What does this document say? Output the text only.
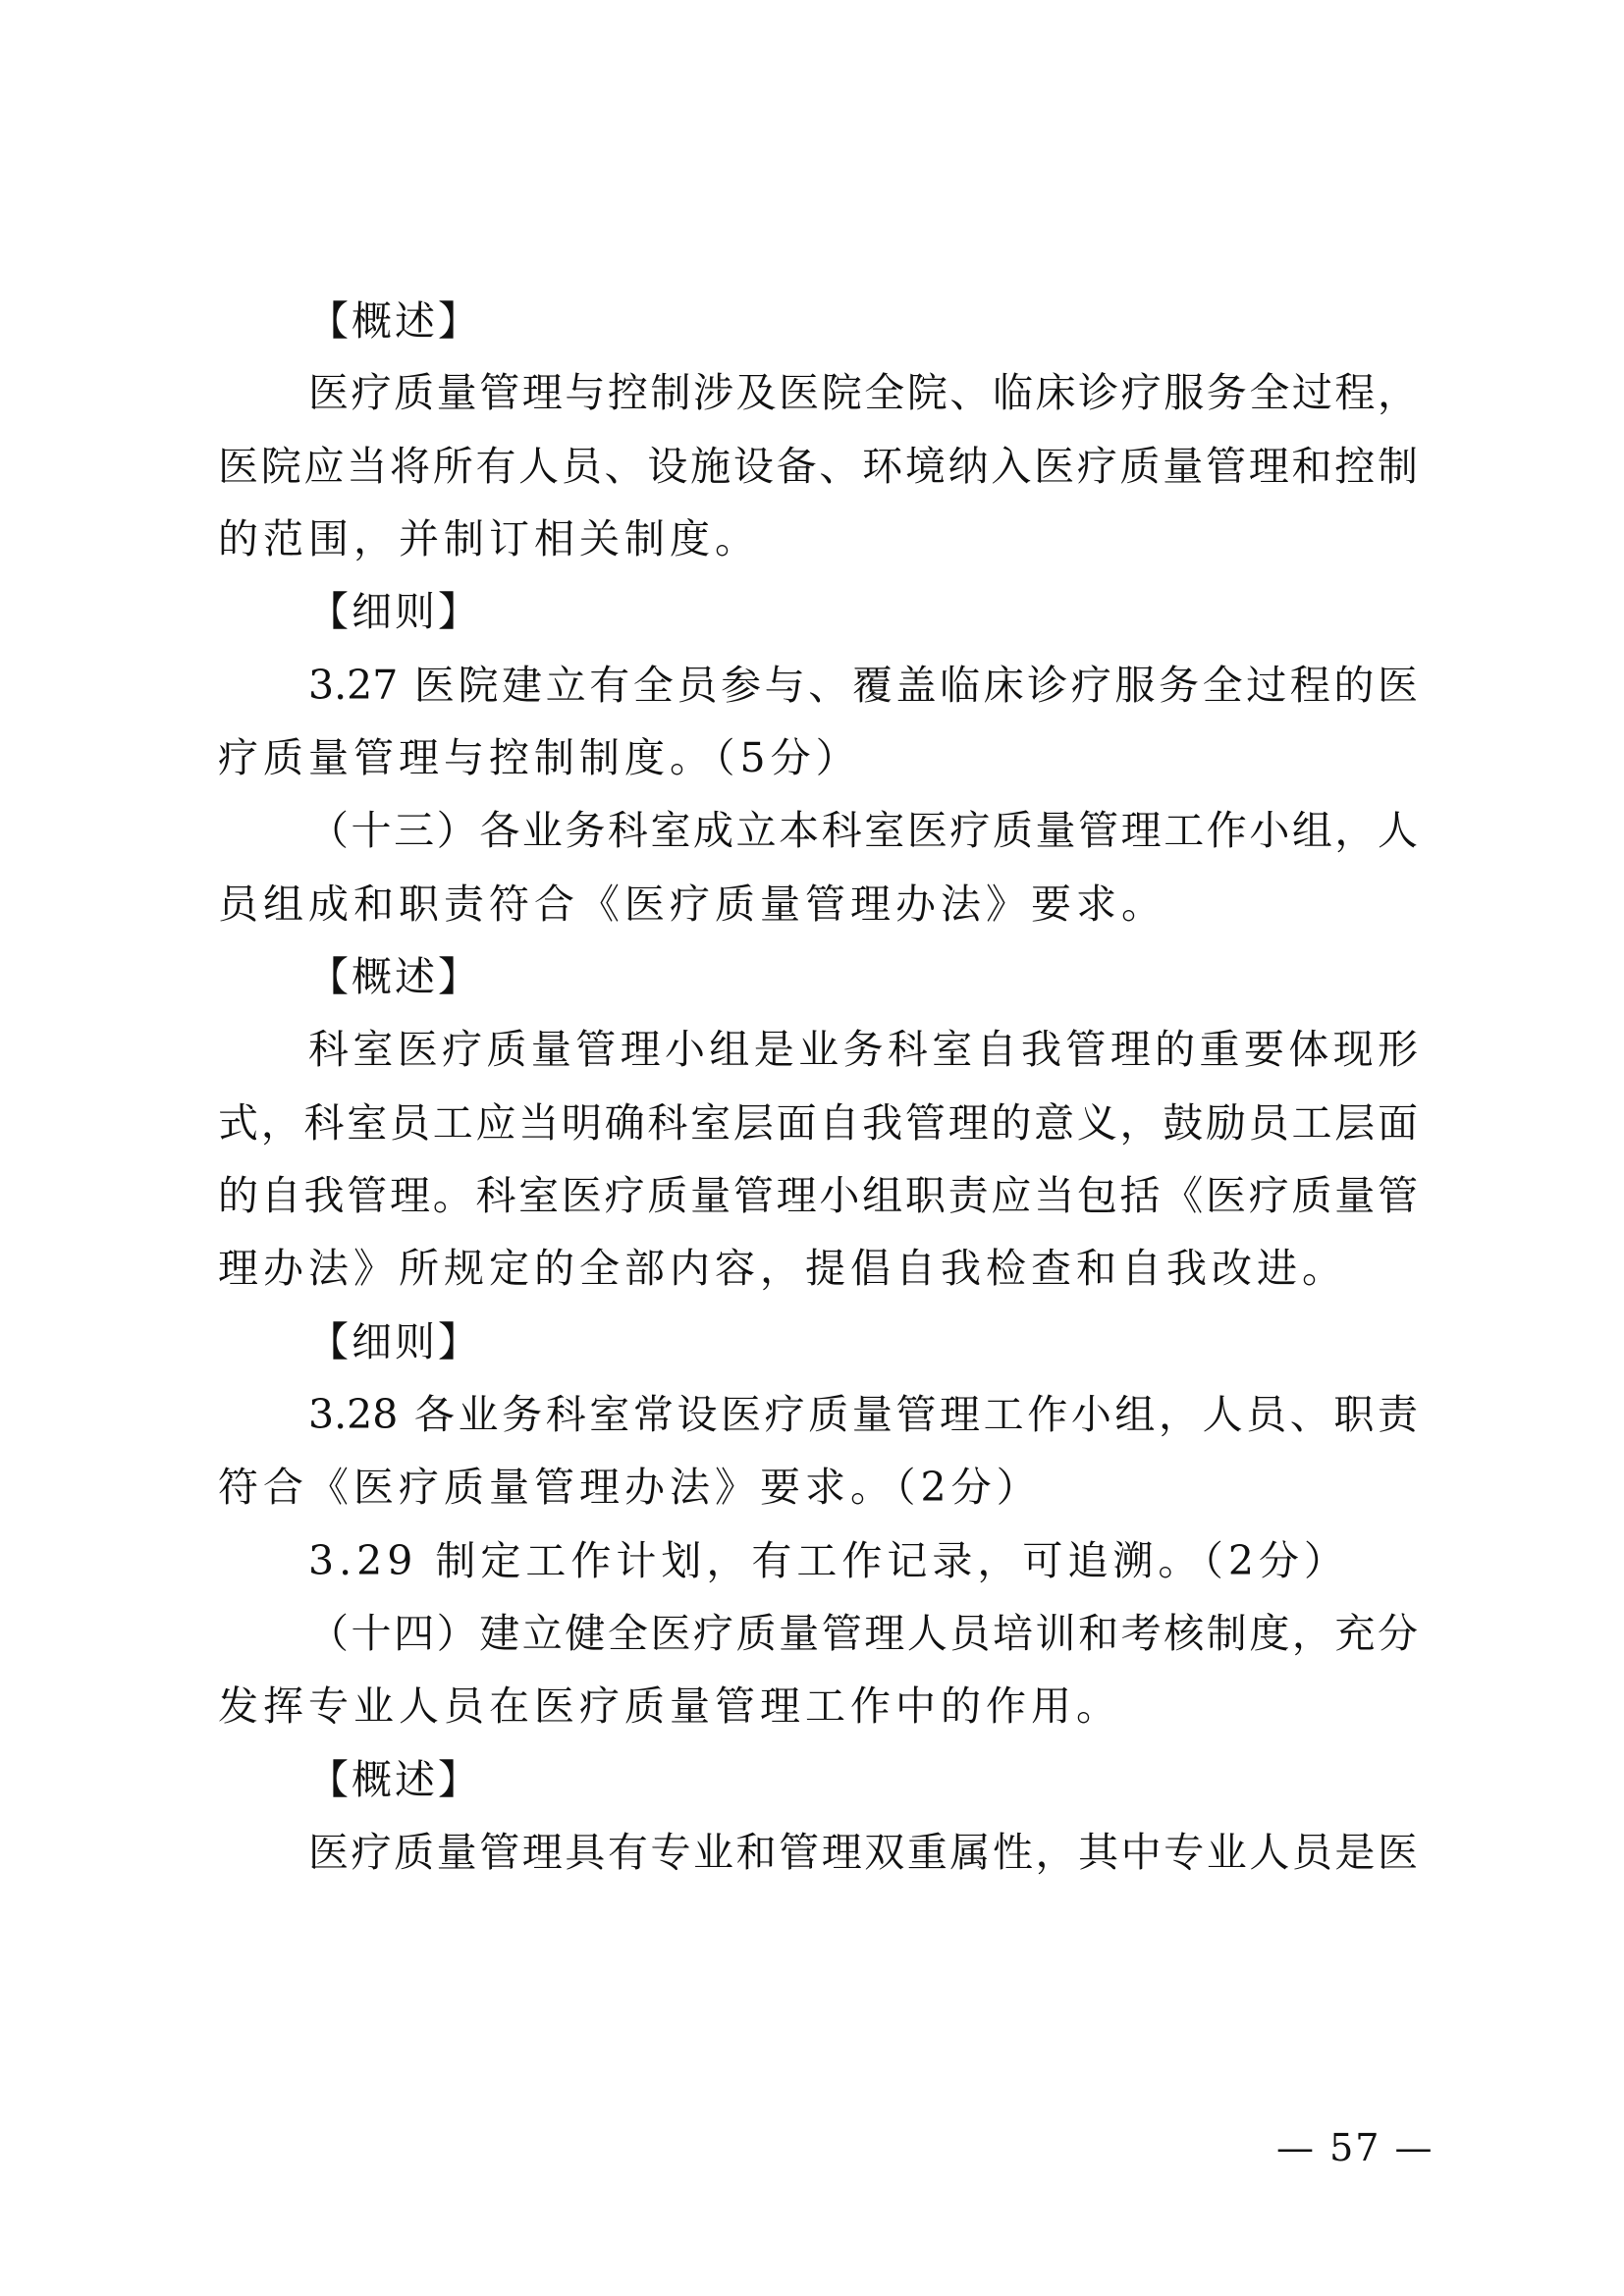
【概述】
医疗质量管理与控制涉及医院全院、临床诊疗服务全过程，
医院应当将所有人员、设施设备、环境纳入医疗质量管理和控制
的范围，并制订相关制度。
【细则】
3.27 医院建立有全员参与、覆盖临床诊疗服务全过程的医
疗质量管理与控制制度。（5分）
（十三）各业务科室成立本科室医疗质量管理工作小组，人
员组成和职责符合《医疗质量管理办法》要求。
【概述】
科室医疗质量管理小组是业务科室自我管理的重要体现形
式，科室员工应当明确科室层面自我管理的意义，鼓励员工层面
的自我管理。科室医疗质量管理小组职责应当包括《医疗质量管
理办法》所规定的全部内容，提倡自我检查和自我改进。
【细则】
3.28 各业务科室常设医疗质量管理工作小组，人员、职责
符合《医疗质量管理办法》要求。（2分）
3.29 制定工作计划，有工作记录，可追溯。（2分）
（十四）建立健全医疗质量管理人员培训和考核制度，充分
发挥专业人员在医疗质量管理工作中的作用。
【概述】
医疗质量管理具有专业和管理双重属性，其中专业人员是医
— 57 —
